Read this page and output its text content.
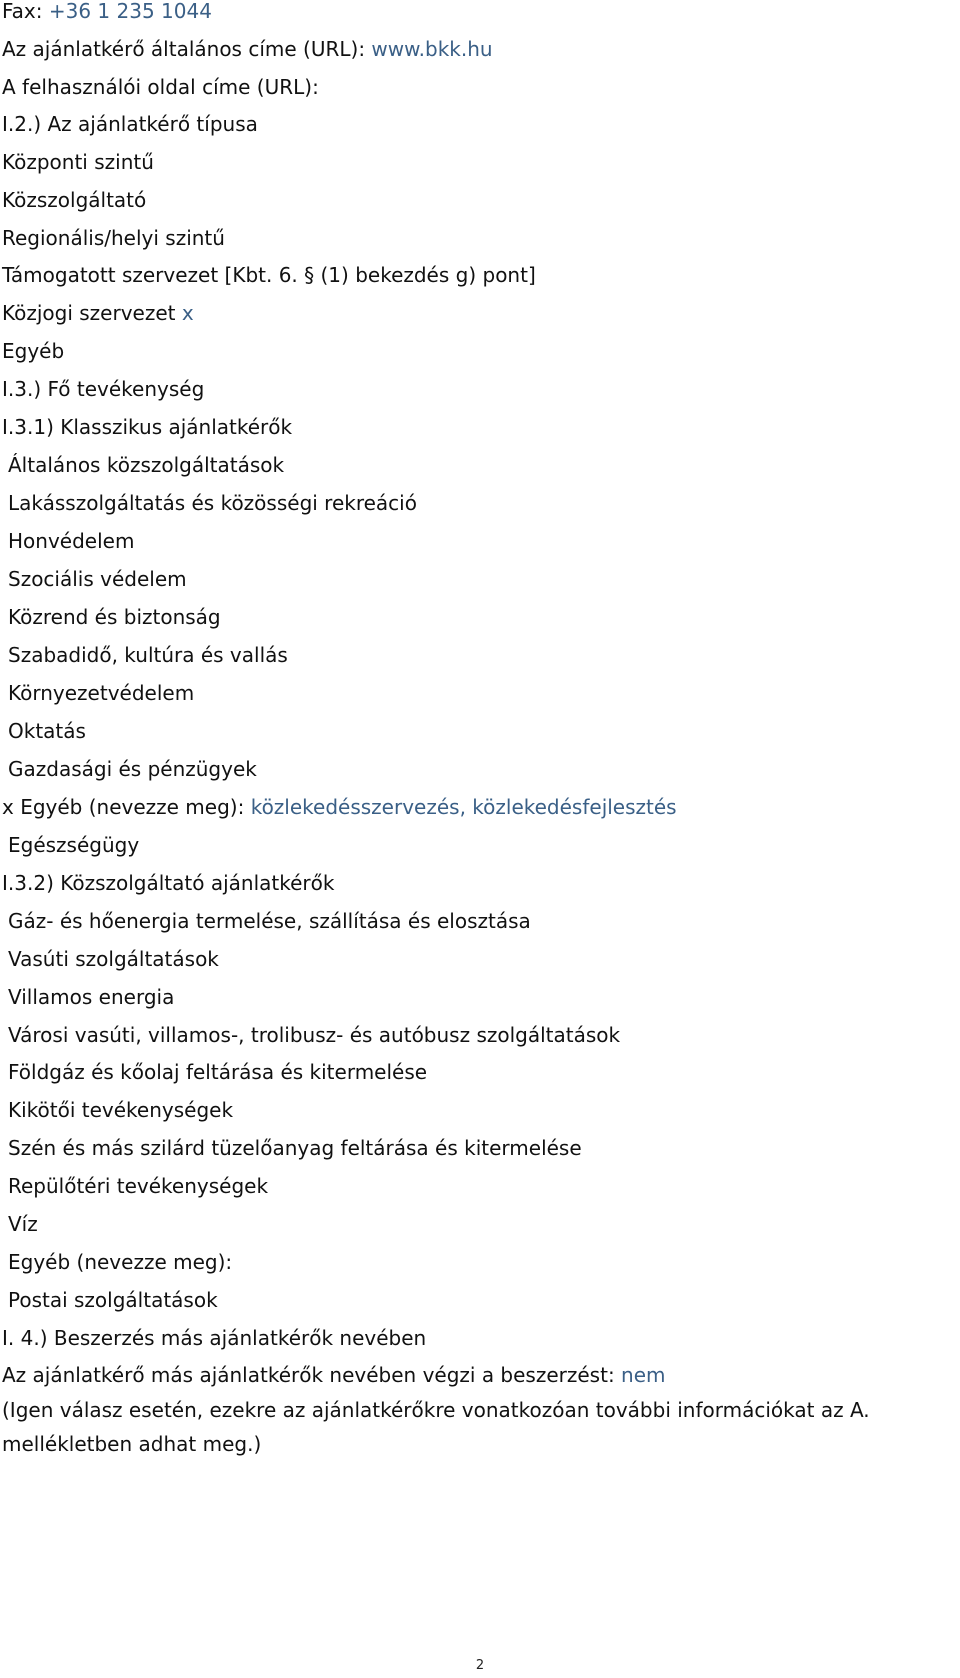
Fax: +36 1 235 1044
Az ajánlatkérő általános címe (URL): www.bkk.hu
A felhasználói oldal címe (URL):
I.2.) Az ajánlatkérő típusa
Központi szintű
Közszolgáltató
Regionális/helyi szintű
Támogatott szervezet [Kbt. 6. § (1) bekezdés g) pont]
Közjogi szervezet x
Egyéb
I.3.) Fő tevékenység
I.3.1) Klasszikus ajánlatkérők
Általános közszolgáltatások
Lakásszolgáltatás és közösségi rekreáció
Honvédelem
Szociális védelem
Közrend és biztonság
Szabadidő, kultúra és vallás
Környezetvédelem
Oktatás
Gazdasági és pénzügyek
x Egyéb (nevezze meg): közlekedésszervezés, közlekedésfejlesztés
Egészségügy
I.3.2) Közszolgáltató ajánlatkérők
Gáz- és hőenergia termelése, szállítása és elosztása
Vasúti szolgáltatások
Villamos energia
Városi vasúti, villamos-, trolibusz- és autóbusz szolgáltatások
Földgáz és kőolaj feltárása és kitermelése
Kikötői tevékenységek
Szén és más szilárd tüzelőanyag feltárása és kitermelése
Repülőtéri tevékenységek
Víz
Egyéb (nevezze meg):
Postai szolgáltatások
I. 4.) Beszerzés más ajánlatkérők nevében
Az ajánlatkérő más ajánlatkérők nevében végzi a beszerzést: nem
(Igen válasz esetén, ezekre az ajánlatkérőkre vonatkozóan további információkat az A. mellékletben adhat meg.)
2
